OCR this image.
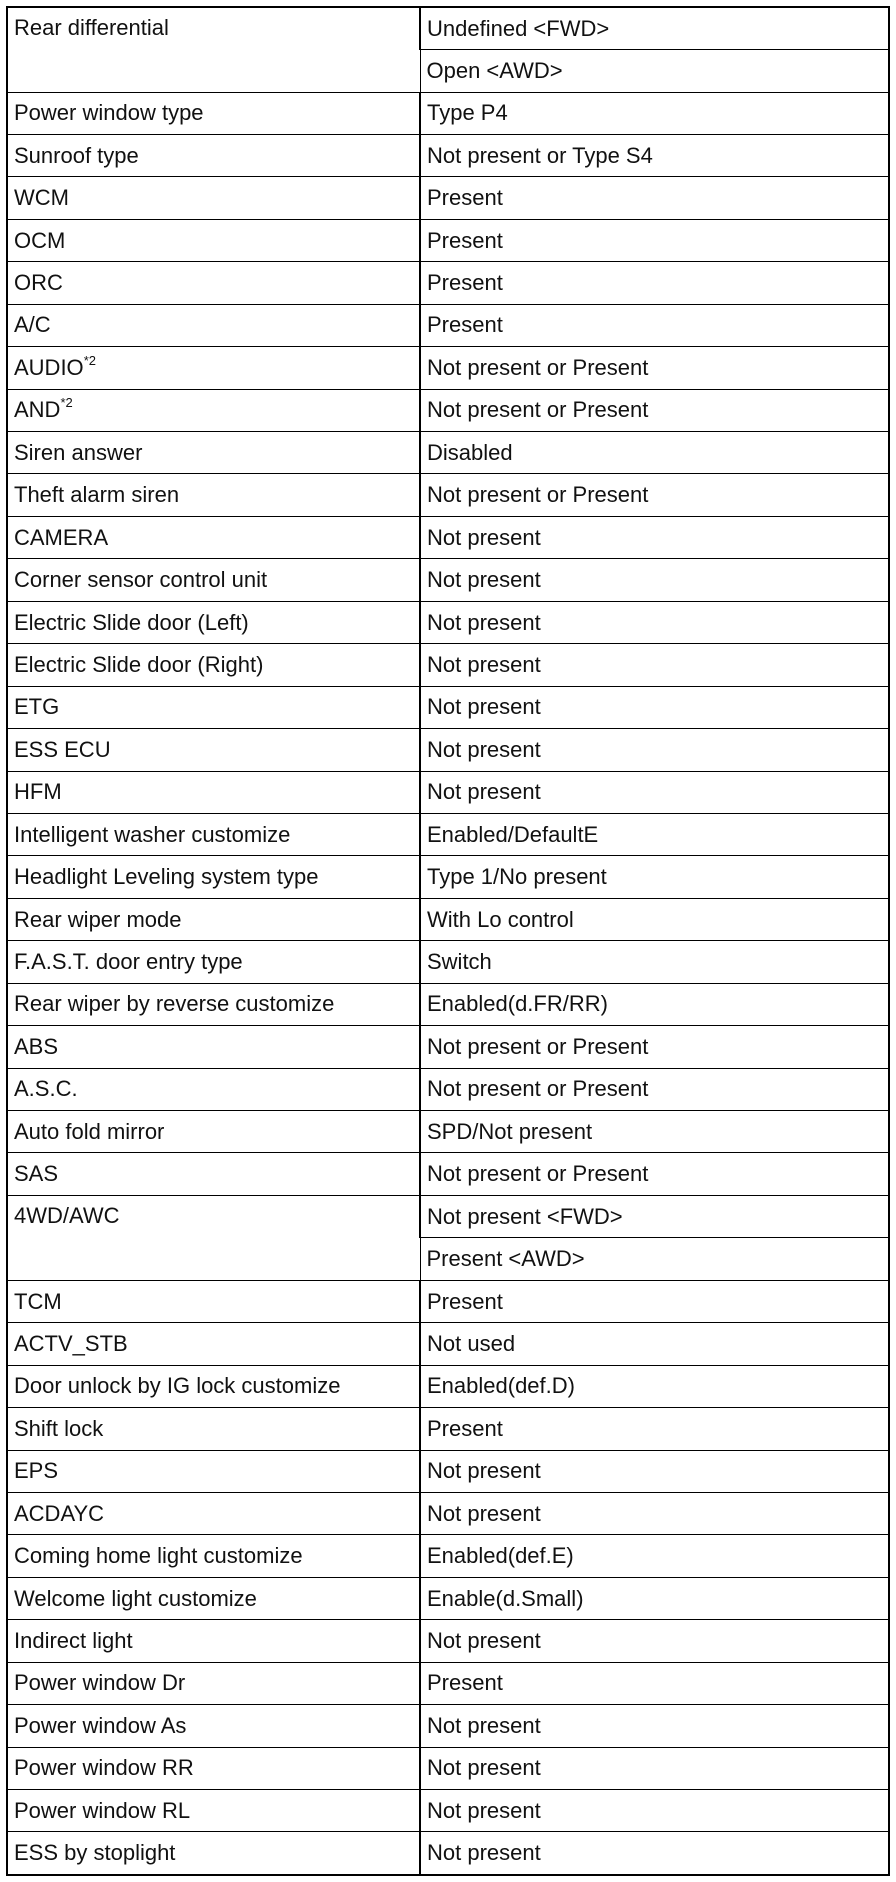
Rear differential	Undefined <FWD>
	Open <AWD>
Power window type	Type P4
Sunroof type	Not present or Type S4
WCM	Present
OCM	Present
ORC	Present
A/C	Present
AUDIO$^{*2}$	Not present or Present
AND$^{*2}$	Not present or Present
Siren answer	Disabled
Theft alarm siren	Not present or Present
CAMERA	Not present
Corner sensor control unit	Not present
Electric Slide door (Left)	Not present
Electric Slide door (Right)	Not present
ETG	Not present
ESS ECU	Not present
HFM	Not present
Intelligent washer customize	Enabled/DefaultE
Headlight Leveling system type	Type 1/No present
Rear wiper mode	With Lo control
F.A.S.T. door entry type	Switch
Rear wiper by reverse customize	Enabled(d.FR/RR)
ABS	Not present or Present
A.S.C.	Not present or Present
Auto fold mirror	SPD/Not present
SAS	Not present or Present
4WD/AWC	Not present <FWD>
	Present <AWD>
TCM	Present
ACTV_STB	Not used
Door unlock by IG lock customize	Enabled(def.D)
Shift lock	Present
EPS	Not present
ACDAYC	Not present
Coming home light customize	Enabled(def.E)
Welcome light customize	Enable(d.Small)
Indirect light	Not present
Power window Dr	Present
Power window As	Not present
Power window RR	Not present
Power window RL	Not present
ESS by stoplight	Not present
